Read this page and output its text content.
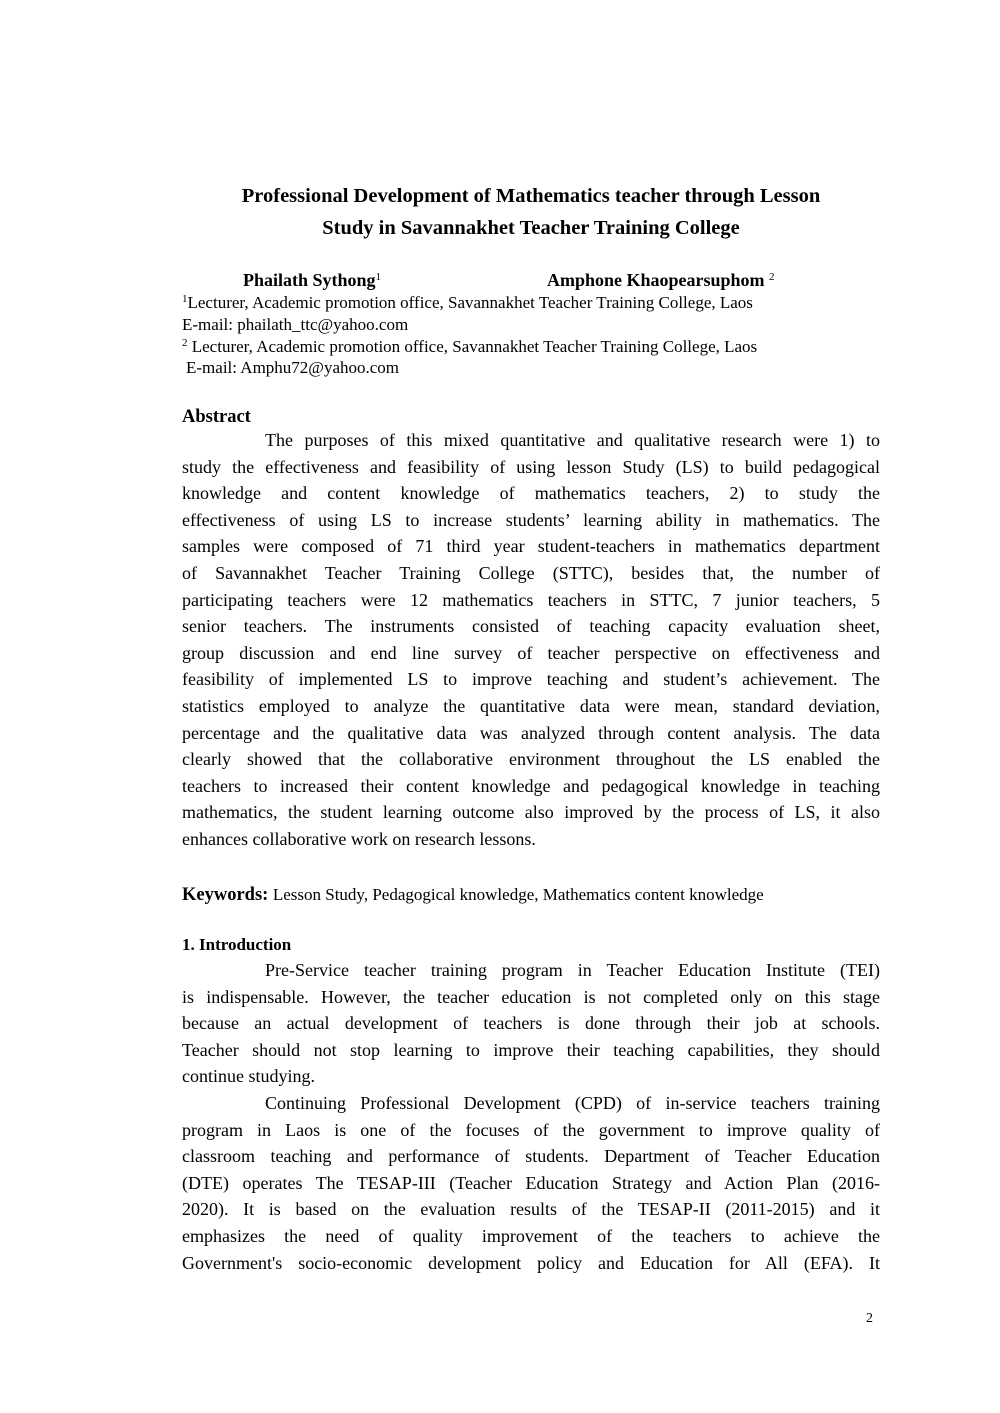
Professional Development of Mathematics teacher through Lesson
Study in Savannakhet Teacher Training College
Phailath Sythong$^1$	Amphone Khaopearsuphom $^2$
$^1$Lecturer, Academic promotion office, Savannakhet Teacher Training College, Laos
E-mail: phailath_ttc@yahoo.com
$^2$ Lecturer, Academic promotion office, Savannakhet Teacher Training College, Laos
E-mail: Amphu72@yahoo.com
Abstract
The purposes of this mixed quantitative and qualitative research were 1) to
study the effectiveness and feasibility of using lesson Study (LS) to build pedagogical
knowledge and content knowledge of mathematics teachers, 2) to study the
effectiveness of using LS to increase students’ learning ability in mathematics. The
samples were composed of 71 third year student-teachers in mathematics department
of Savannakhet Teacher Training College (STTC), besides that, the number of
participating teachers were 12 mathematics teachers in STTC, 7 junior teachers, 5
senior teachers. The instruments consisted of teaching capacity evaluation sheet,
group discussion and end line survey of teacher perspective on effectiveness and
feasibility of implemented LS to improve teaching and student’s achievement. The
statistics employed to analyze the quantitative data were mean, standard deviation,
percentage and the qualitative data was analyzed through content analysis. The data
clearly showed that the collaborative environment throughout the LS enabled the
teachers to increased their content knowledge and pedagogical knowledge in teaching
mathematics, the student learning outcome also improved by the process of LS, it also
enhances collaborative work on research lessons.
Keywords: Lesson Study, Pedagogical knowledge, Mathematics content knowledge
1. Introduction
Pre-Service teacher training program in Teacher Education Institute (TEI)
is indispensable. However, the teacher education is not completed only on this stage
because an actual development of teachers is done through their job at schools.
Teacher should not stop learning to improve their teaching capabilities, they should
continue studying.
Continuing Professional Development (CPD) of in-service teachers training
program in Laos is one of the focuses of the government to improve quality of
classroom teaching and performance of students. Department of Teacher Education
(DTE) operates The TESAP-III (Teacher Education Strategy and Action Plan (2016-
2020). It is based on the evaluation results of the TESAP-II (2011-2015) and it
emphasizes the need of quality improvement of the teachers to achieve the
Government's socio-economic development policy and Education for All (EFA). It
2
